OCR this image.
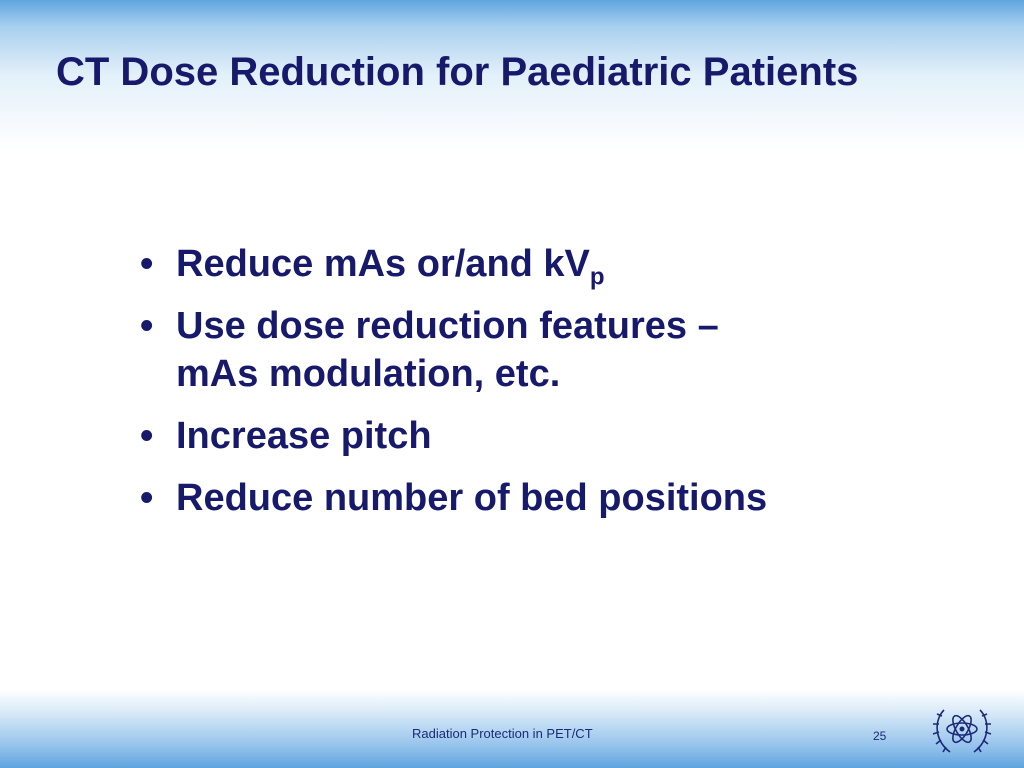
CT Dose Reduction for Paediatric Patients
• Reduce mAs or/and $kV_p$
• Use dose reduction features –
mAs modulation, etc.
• Increase pitch
• Reduce number of bed positions
Radiation Protection in PET/CT	25
